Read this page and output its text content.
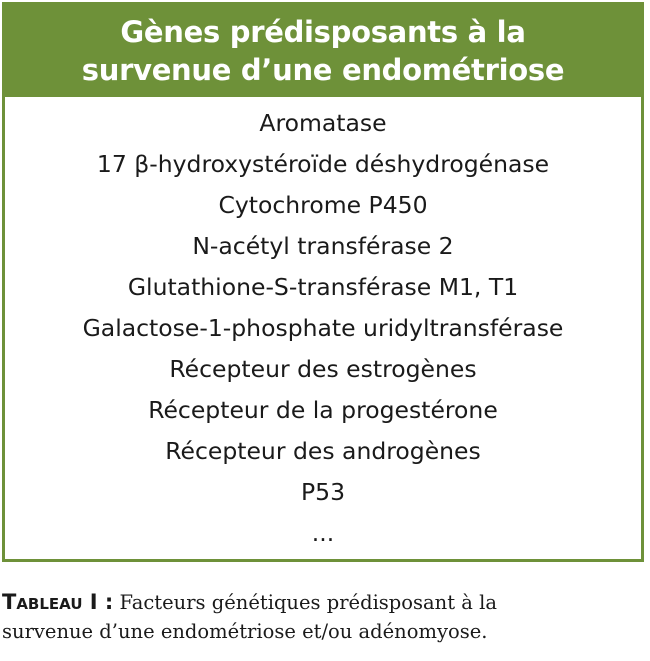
Gènes prédisposants à la
survenue d’une endométriose
Aromatase
17 β-hydroxystéroïde déshydrogénase
Cytochrome P450
N-acétyl transférase 2
Glutathione-S-transférase M1, T1
Galactose-1-phosphate uridyltransférase
Récepteur des estrogènes
Récepteur de la progestérone
Récepteur des androgènes
P53
...
Tableau I : Facteurs génétiques prédisposant à la
survenue d’une endométriose et/ou adénomyose.
